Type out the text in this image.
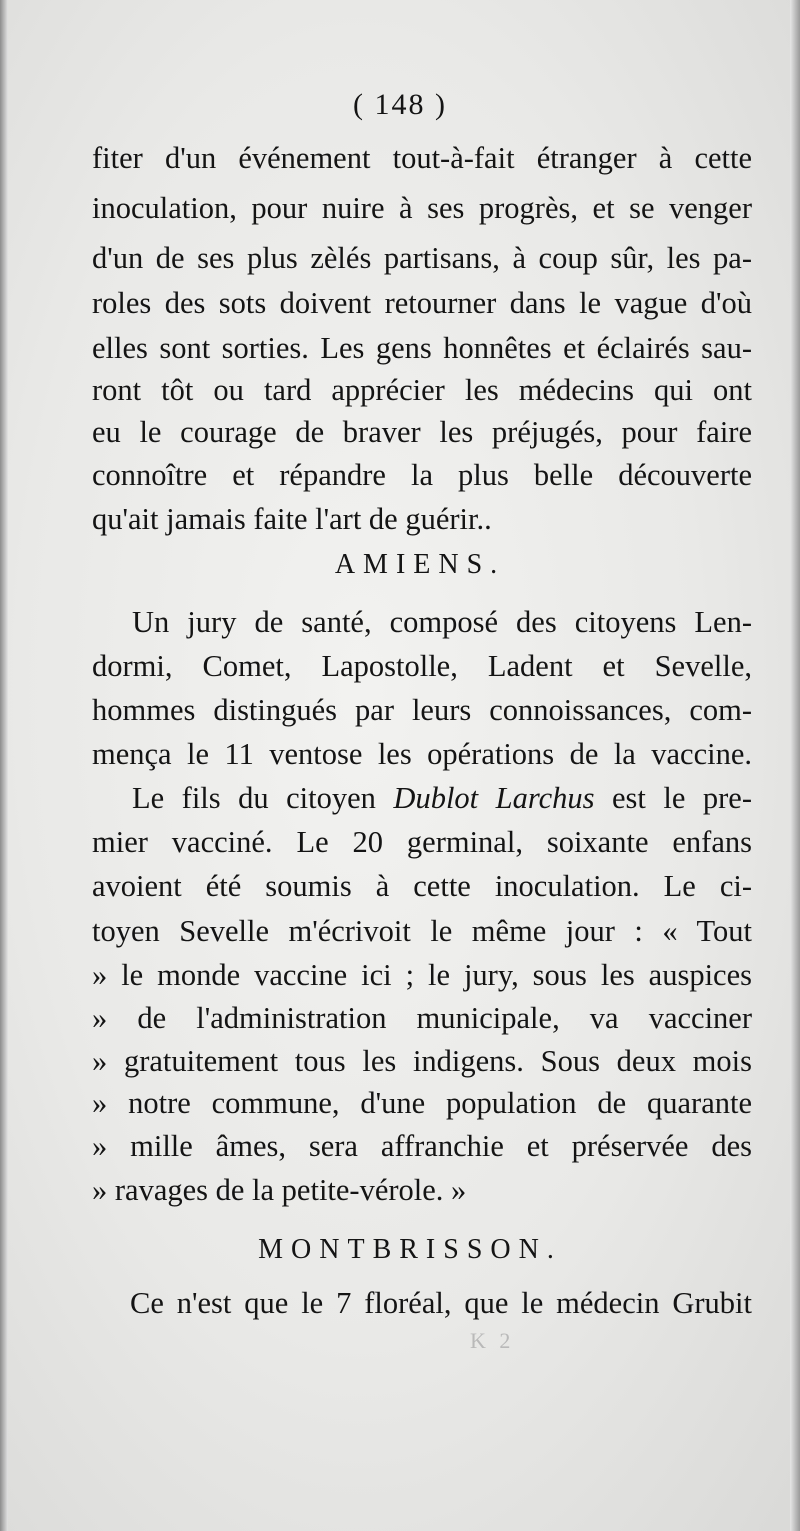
( 148 )
fiter d'un événement tout-à-fait étranger à cette
inoculation, pour nuire à ses progrès, et se venger
d'un de ses plus zèlés partisans, à coup sûr, les pa-
roles des sots doivent retourner dans le vague d'où
elles sont sorties. Les gens honnêtes et éclairés sau-
ront tôt ou tard apprécier les médecins qui ont
eu le courage de braver les préjugés, pour faire
connoître et répandre la plus belle découverte
qu'ait jamais faite l'art de guérir..
AMIENS.
Un jury de santé, composé des citoyens Len-
dormi, Comet, Lapostolle, Ladent et Sevelle,
hommes distingués par leurs connoissances, com-
mença le 11 ventose les opérations de la vaccine.
Le fils du citoyen Dublot Larchus est le pre-
mier vacciné. Le 20 germinal, soixante enfans
avoient été soumis à cette inoculation. Le ci-
toyen Sevelle m'écrivoit le même jour : « Tout
» le monde vaccine ici ; le jury, sous les auspices
» de l'administration municipale, va vacciner
» gratuitement tous les indigens. Sous deux mois
» notre commune, d'une population de quarante
» mille âmes, sera affranchie et préservée des
» ravages de la petite-vérole. »
MONTBRISSON.
Ce n'est que le 7 floréal, que le médecin Grubit
K 2
